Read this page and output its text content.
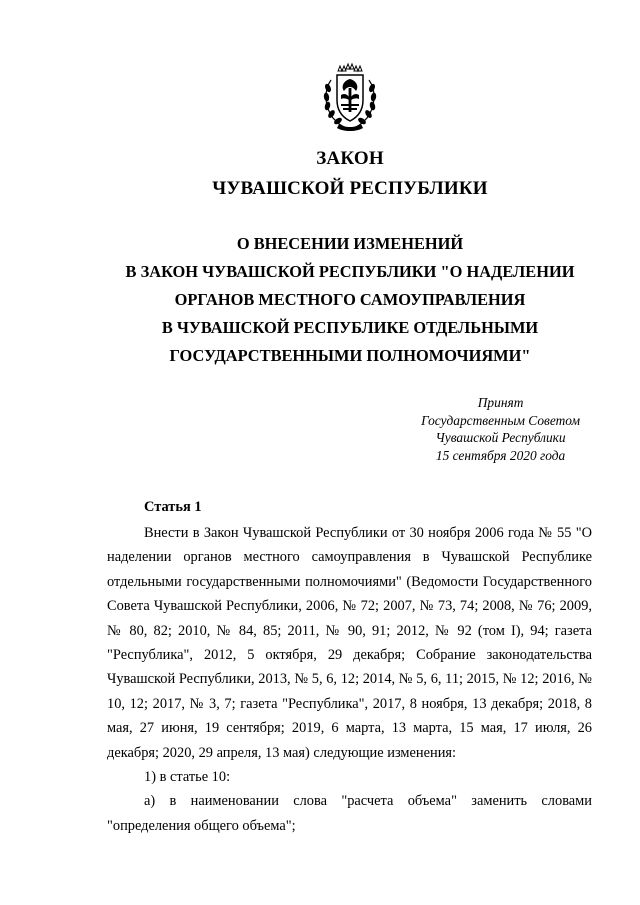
ЗАКОН
ЧУВАШСКОЙ РЕСПУБЛИКИ
О ВНЕСЕНИИ ИЗМЕНЕНИЙ
В ЗАКОН ЧУВАШСКОЙ РЕСПУБЛИКИ "О НАДЕЛЕНИИ
ОРГАНОВ МЕСТНОГО САМОУПРАВЛЕНИЯ
В ЧУВАШСКОЙ РЕСПУБЛИКЕ ОТДЕЛЬНЫМИ
ГОСУДАРСТВЕННЫМИ ПОЛНОМОЧИЯМИ"
Принят
Государственным Советом
Чувашской Республики
15 сентября 2020 года
Статья 1

Внести в Закон Чувашской Республики от 30 ноября 2006 года № 55 "О наделении органов местного самоуправления в Чувашской Республике отдельными государственными полномочиями" (Ведомости Государственного Совета Чувашской Республики, 2006, № 72; 2007, № 73, 74; 2008, № 76; 2009, № 80, 82; 2010, № 84, 85; 2011, № 90, 91; 2012, № 92 (том I), 94; газета "Республика", 2012, 5 октября, 29 декабря; Собрание законодательства Чувашской Республики, 2013, № 5, 6, 12; 2014, № 5, 6, 11; 2015, № 12; 2016, № 10, 12; 2017, № 3, 7; газета "Республика", 2017, 8 ноября, 13 декабря; 2018, 8 мая, 27 июня, 19 сентября; 2019, 6 марта, 13 марта, 15 мая, 17 июля, 26 декабря; 2020, 29 апреля, 13 мая) следующие изменения:

1) в статье 10:

а) в наименовании слова "расчета объема" заменить словами "определения общего объема";
